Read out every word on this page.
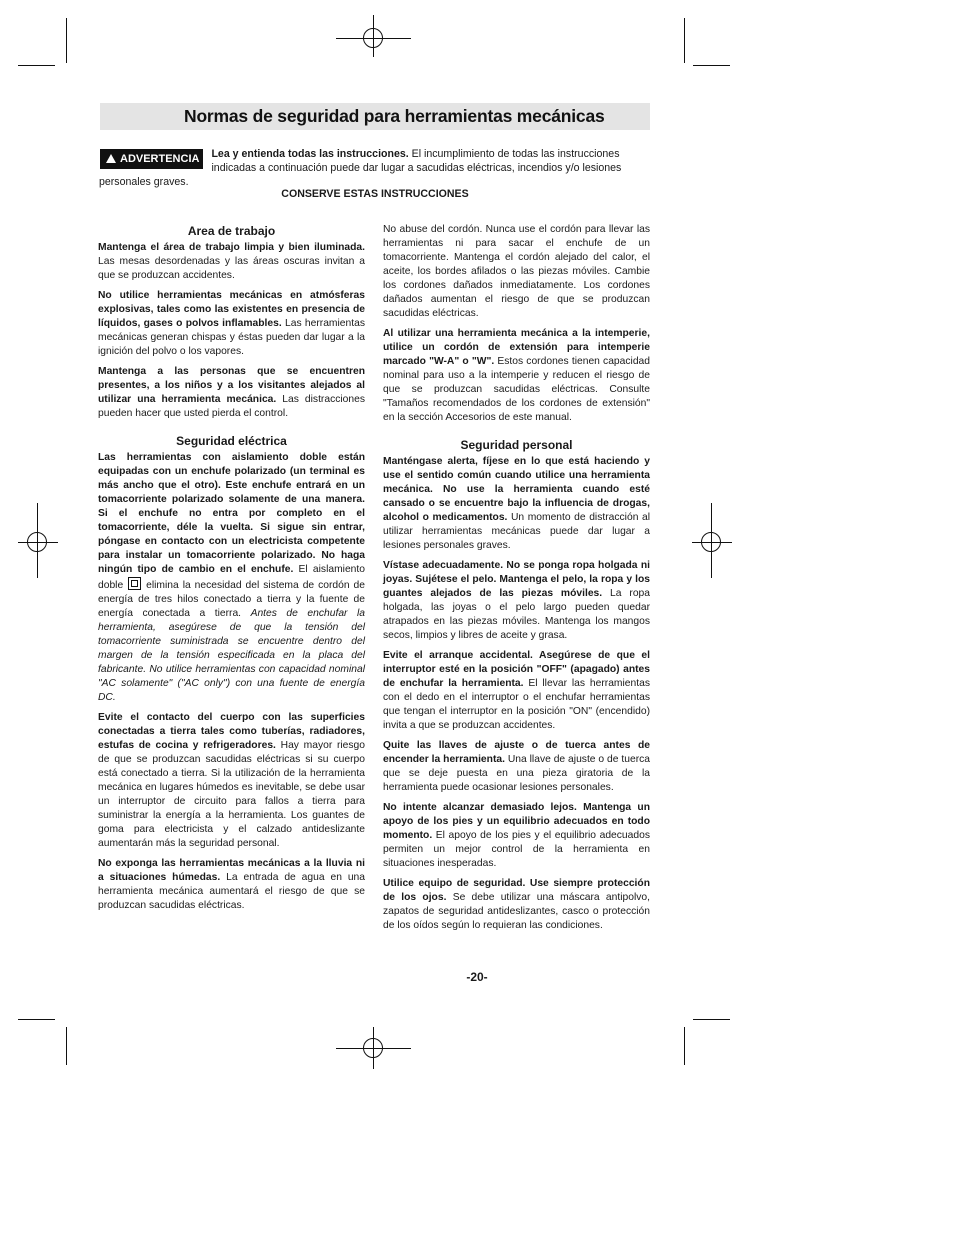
Normas de seguridad para herramientas mecánicas
ADVERTENCIA	Lea y entienda todas las instrucciones. El incumplimiento de todas las instrucciones indicadas a continuación puede dar lugar a sacudidas eléctricas, incendios y/o lesiones personales graves.
CONSERVE ESTAS INSTRUCCIONES
Area de trabajo

Mantenga el área de trabajo limpia y bien iluminada. Las mesas desordenadas y las áreas oscuras invitan a que se produzcan accidentes.

No utilice herramientas mecánicas en atmósferas explosivas, tales como las existentes en presencia de líquidos, gases o polvos inflamables. Las herramientas mecánicas generan chispas y éstas pueden dar lugar a la ignición del polvo o los vapores.

Mantenga a las personas que se encuentren presentes, a los niños y a los visitantes alejados al utilizar una herramienta mecánica. Las distracciones pueden hacer que usted pierda el control.

Seguridad eléctrica

Las herramientas con aislamiento doble están equipadas con un enchufe polarizado (un terminal es más ancho que el otro). Este enchufe entrará en un tomacorriente polarizado solamente de una manera. Si el enchufe no entra por completo en el tomacorriente, déle la vuelta. Si sigue sin entrar, póngase en contacto con un electricista competente para instalar un tomacorriente polarizado. No haga ningún tipo de cambio en el enchufe. El aislamiento doble
elimina la necesidad del sistema de cordón de energía de tres hilos conectado a tierra y la fuente de energía conectada a tierra. Antes de enchufar la herramienta, asegúrese de que la tensión del tomacorriente suministrada se encuentre dentro del margen de la tensión especificada en la placa del fabricante. No utilice herramientas con capacidad nominal "AC solamente" ("AC only") con una fuente de energía DC.

Evite el contacto del cuerpo con las superficies conectadas a tierra tales como tuberías, radiadores, estufas de cocina y refrigeradores. Hay mayor riesgo de que se produzcan sacudidas eléctricas si su cuerpo está conectado a tierra. Si la utilización de la herramienta mecánica en lugares húmedos es inevitable, se debe usar un interruptor de circuito para fallos a tierra para suministrar la energía a la herramienta. Los guantes de goma para electricista y el calzado antideslizante aumentarán más la seguridad personal.

No exponga las herramientas mecánicas a la lluvia ni a situaciones húmedas. La entrada de agua en una herramienta mecánica aumentará el riesgo de que se produzcan sacudidas eléctricas.

No abuse del cordón. Nunca use el cordón para llevar las herramientas ni para sacar el enchufe de un tomacorriente. Mantenga el cordón alejado del calor, el aceite, los bordes afilados o las piezas móviles. Cambie los cordones dañados inmediatamente. Los cordones dañados aumentan el riesgo de que se produzcan sacudidas eléctricas.

Al utilizar una herramienta mecánica a la intemperie, utilice un cordón de extensión para intemperie marcado "W-A" o "W". Estos cordones tienen capacidad nominal para uso a la intemperie y reducen el riesgo de que se produzcan sacudidas eléctricas. Consulte "Tamaños recomendados de los cordones de extensión" en la sección Accesorios de este manual.

Seguridad personal

Manténgase alerta, fíjese en lo que está haciendo y use el sentido común cuando utilice una herramienta mecánica. No use la herramienta cuando esté cansado o se encuentre bajo la influencia de drogas, alcohol o medicamentos. Un momento de distracción al utilizar herramientas mecánicas puede dar lugar a lesiones personales graves.

Vístase adecuadamente. No se ponga ropa holgada ni joyas. Sujétese el pelo. Mantenga el pelo, la ropa y los guantes alejados de las piezas móviles. La ropa holgada, las joyas o el pelo largo pueden quedar atrapados en las piezas móviles. Mantenga los mangos secos, limpios y libres de aceite y grasa.

Evite el arranque accidental. Asegúrese de que el interruptor esté en la posición "OFF" (apagado) antes de enchufar la herramienta. El llevar las herramientas con el dedo en el interruptor o el enchufar herramientas que tengan el interruptor en la posición "ON" (encendido) invita a que se produzcan accidentes.

Quite las llaves de ajuste o de tuerca antes de encender la herramienta. Una llave de ajuste o de tuerca que se deje puesta en una pieza giratoria de la herramienta puede ocasionar lesiones personales.

No intente alcanzar demasiado lejos. Mantenga un apoyo de los pies y un equilibrio adecuados en todo momento. El apoyo de los pies y el equilibrio adecuados permiten un mejor control de la herramienta en situaciones inesperadas.

Utilice equipo de seguridad. Use siempre protección de los ojos. Se debe utilizar una máscara antipolvo, zapatos de seguridad antideslizantes, casco o protección de los oídos según lo requieran las condiciones.

-20-
